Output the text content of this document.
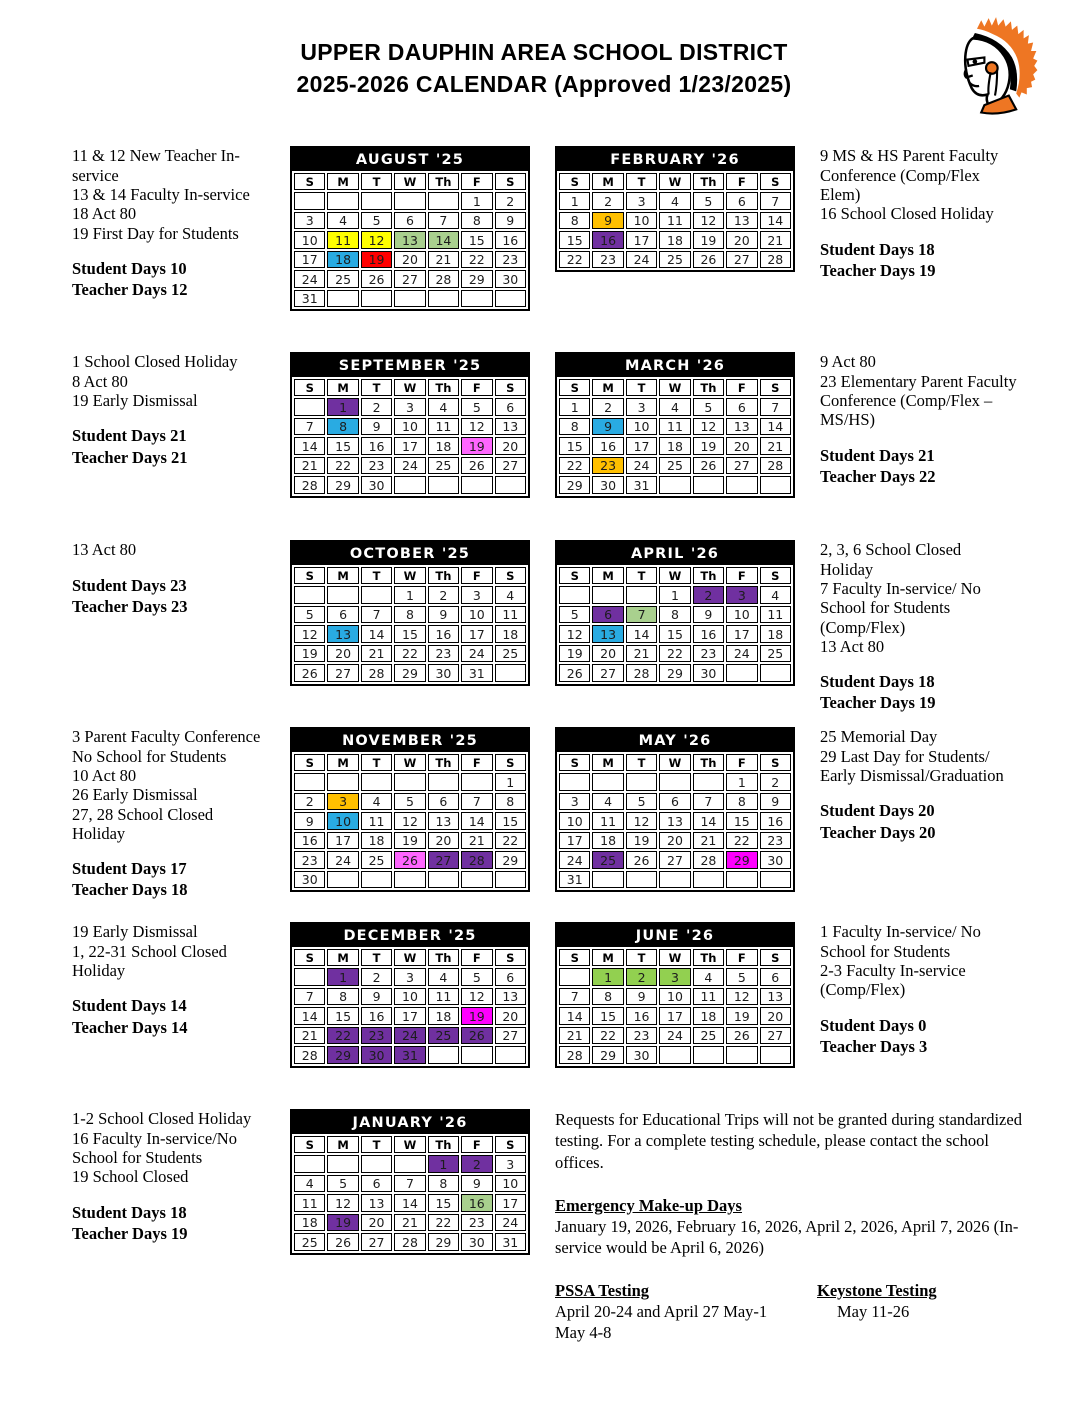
UPPER DAUPHIN AREA SCHOOL DISTRICT
2025-2026 CALENDAR (Approved 1/23/2025)
11 & 12 New Teacher In-service
13 & 14 Faculty In-service
18 Act 80
19 First Day for Students
Student Days 10
Teacher Days 12
AUGUST '25
S	M	T	W	Th	F	S
					1	2
3	4	5	6	7	8	9
10	11	12	13	14	15	16
17	18	19	20	21	22	23
24	25	26	27	28	29	30
31						
FEBRUARY '26
S	M	T	W	Th	F	S
1	2	3	4	5	6	7
8	9	10	11	12	13	14
15	16	17	18	19	20	21
22	23	24	25	26	27	28
9 MS & HS Parent Faculty Conference (Comp/Flex Elem)
16 School Closed Holiday
Student Days 18
Teacher Days 19
1 School Closed Holiday
8 Act 80
19 Early Dismissal
Student Days 21
Teacher Days 21
SEPTEMBER '25
S	M	T	W	Th	F	S
	1	2	3	4	5	6
7	8	9	10	11	12	13
14	15	16	17	18	19	20
21	22	23	24	25	26	27
28	29	30				
MARCH '26
S	M	T	W	Th	F	S
1	2	3	4	5	6	7
8	9	10	11	12	13	14
15	16	17	18	19	20	21
22	23	24	25	26	27	28
29	30	31				
9 Act 80
23 Elementary Parent Faculty Conference (Comp/Flex – MS/HS)
Student Days 21
Teacher Days 22
13 Act 80
Student Days 23
Teacher Days 23
OCTOBER '25
S	M	T	W	Th	F	S
			1	2	3	4
5	6	7	8	9	10	11
12	13	14	15	16	17	18
19	20	21	22	23	24	25
26	27	28	29	30	31	
APRIL '26
S	M	T	W	Th	F	S
			1	2	3	4
5	6	7	8	9	10	11
12	13	14	15	16	17	18
19	20	21	22	23	24	25
26	27	28	29	30		
2, 3, 6 School Closed Holiday
7 Faculty In-service/ No School for Students (Comp/Flex)
13 Act 80
Student Days 18
Teacher Days 19
3 Parent Faculty Conference No School for Students
10 Act 80
26 Early Dismissal
27, 28 School Closed Holiday
Student Days 17
Teacher Days 18
NOVEMBER '25
S	M	T	W	Th	F	S
						1
2	3	4	5	6	7	8
9	10	11	12	13	14	15
16	17	18	19	20	21	22
23	24	25	26	27	28	29
30						
MAY '26
S	M	T	W	Th	F	S
					1	2
3	4	5	6	7	8	9
10	11	12	13	14	15	16
17	18	19	20	21	22	23
24	25	26	27	28	29	30
31						
25 Memorial Day
29 Last Day for Students/ Early Dismissal/Graduation
Student Days 20
Teacher Days 20
19 Early Dismissal
1, 22-31 School Closed Holiday
Student Days 14
Teacher Days 14
DECEMBER '25
S	M	T	W	Th	F	S
	1	2	3	4	5	6
7	8	9	10	11	12	13
14	15	16	17	18	19	20
21	22	23	24	25	26	27
28	29	30	31			
JUNE '26
S	M	T	W	Th	F	S
	1	2	3	4	5	6
7	8	9	10	11	12	13
14	15	16	17	18	19	20
21	22	23	24	25	26	27
28	29	30				
1 Faculty In-service/ No School for Students
2-3 Faculty In-service
(Comp/Flex)
Student Days 0
Teacher Days 3
1-2 School Closed Holiday
16 Faculty In-service/No School for Students
19 School Closed
Student Days 18
Teacher Days 19
JANUARY '26
S	M	T	W	Th	F	S
				1	2	3
4	5	6	7	8	9	10
11	12	13	14	15	16	17
18	19	20	21	22	23	24
25	26	27	28	29	30	31

Requests for Educational Trips will not be granted during standardized testing. For a complete testing schedule, please contact the school offices.

Emergency Make-up Days
January 19, 2026, February 16, 2026, April 2, 2026, April 7, 2026 (In-service would be April 6, 2026)
PSSA Testing
April 20-24 and April 27 May-1
May 4-8
Keystone Testing
May 11-26
